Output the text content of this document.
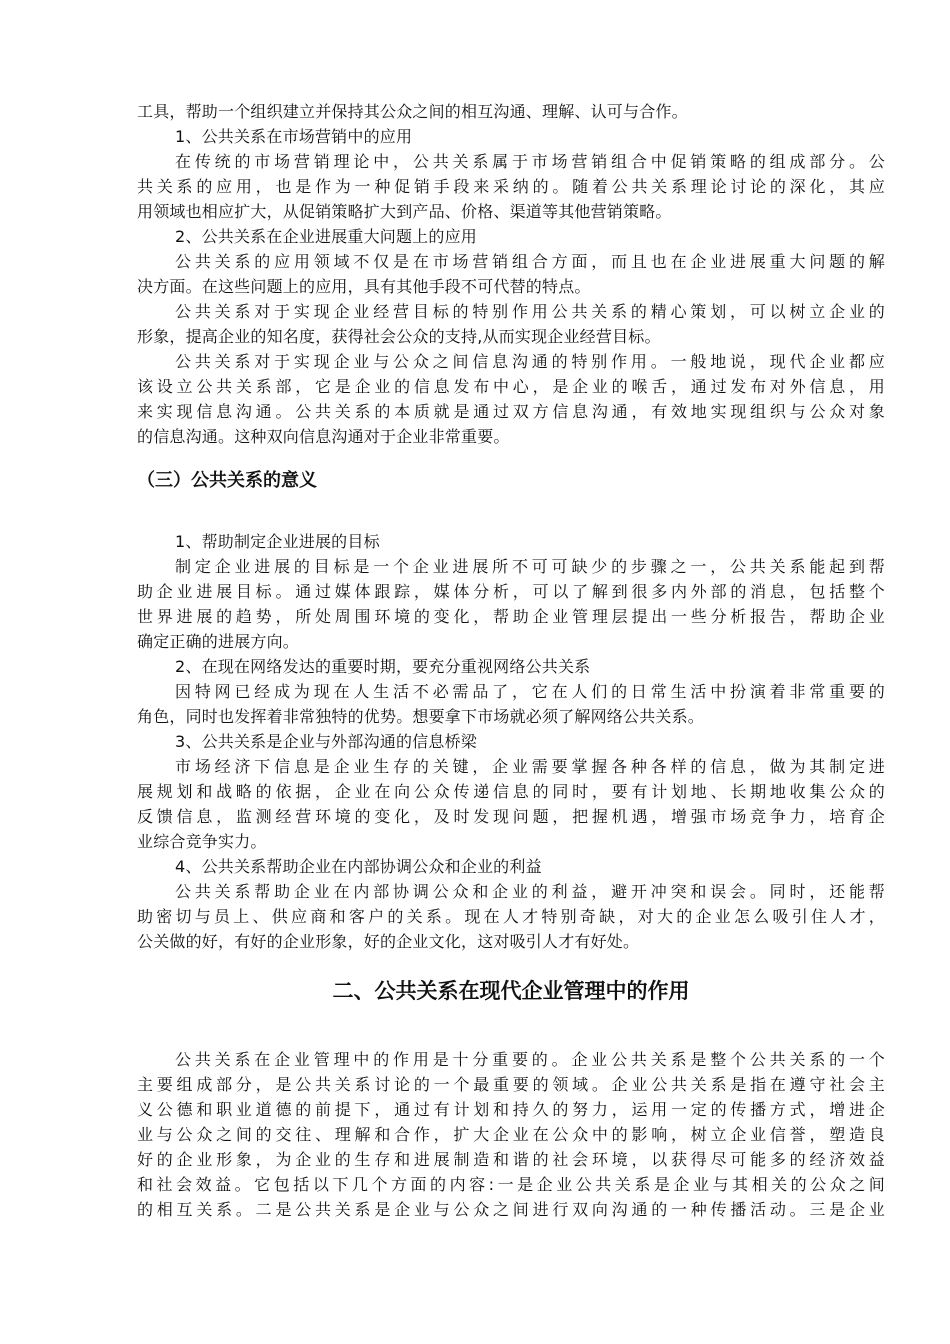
工具，帮助一个组织建立并保持其公众之间的相互沟通、理解、认可与合作。
1、公共关系在市场营销中的应用
在传统的市场营销理论中，公共关系属于市场营销组合中促销策略的组成部分。公
共关系的应用，也是作为一种促销手段来采纳的。随着公共关系理论讨论的深化，其应
用领域也相应扩大，从促销策略扩大到产品、价格、渠道等其他营销策略。
2、公共关系在企业进展重大问题上的应用
公共关系的应用领域不仅是在市场营销组合方面，而且也在企业进展重大问题的解
决方面。在这些问题上的应用，具有其他手段不可代替的特点。
公共关系对于实现企业经营目标的特别作用公共关系的精心策划，可以树立企业的
形象，提高企业的知名度，获得社会公众的支持,从而实现企业经营目标。
公共关系对于实现企业与公众之间信息沟通的特别作用。一般地说，现代企业都应
该设立公共关系部，它是企业的信息发布中心，是企业的喉舌，通过发布对外信息，用
来实现信息沟通。公共关系的本质就是通过双方信息沟通，有效地实现组织与公众对象
的信息沟通。这种双向信息沟通对于企业非常重要。
（三）公共关系的意义
1、帮助制定企业进展的目标
制定企业进展的目标是一个企业进展所不可可缺少的步骤之一，公共关系能起到帮
助企业进展目标。通过媒体跟踪，媒体分析，可以了解到很多内外部的消息，包括整个
世界进展的趋势，所处周围环境的变化，帮助企业管理层提出一些分析报告，帮助企业
确定正确的进展方向。
2、在现在网络发达的重要时期，要充分重视网络公共关系
因特网已经成为现在人生活不必需品了，它在人们的日常生活中扮演着非常重要的
角色，同时也发挥着非常独特的优势。想要拿下市场就必须了解网络公共关系。
3、公共关系是企业与外部沟通的信息桥梁
市场经济下信息是企业生存的关键，企业需要掌握各种各样的信息，做为其制定进
展规划和战略的依据，企业在向公众传递信息的同时，要有计划地、长期地收集公众的
反馈信息，监测经营环境的变化，及时发现问题，把握机遇，增强市场竞争力，培育企
业综合竞争实力。
4、公共关系帮助企业在内部协调公众和企业的利益
公共关系帮助企业在内部协调公众和企业的利益，避开冲突和误会。同时，还能帮
助密切与员上、供应商和客户的关系。现在人才特别奇缺，对大的企业怎么吸引住人才，
公关做的好，有好的企业形象，好的企业文化，这对吸引人才有好处。
二、公共关系在现代企业管理中的作用
公共关系在企业管理中的作用是十分重要的。企业公共关系是整个公共关系的一个
主要组成部分，是公共关系讨论的一个最重要的领域。企业公共关系是指在遵守社会主
义公德和职业道德的前提下，通过有计划和持久的努力，运用一定的传播方式，增进企
业与公众之间的交往、理解和合作，扩大企业在公众中的影响，树立企业信誉，塑造良
好的企业形象，为企业的生存和进展制造和谐的社会环境，以获得尽可能多的经济效益
和社会效益。它包括以下几个方面的内容:一是企业公共关系是企业与其相关的公众之间
的相互关系。二是公共关系是企业与公众之间进行双向沟通的一种传播活动。三是企业
